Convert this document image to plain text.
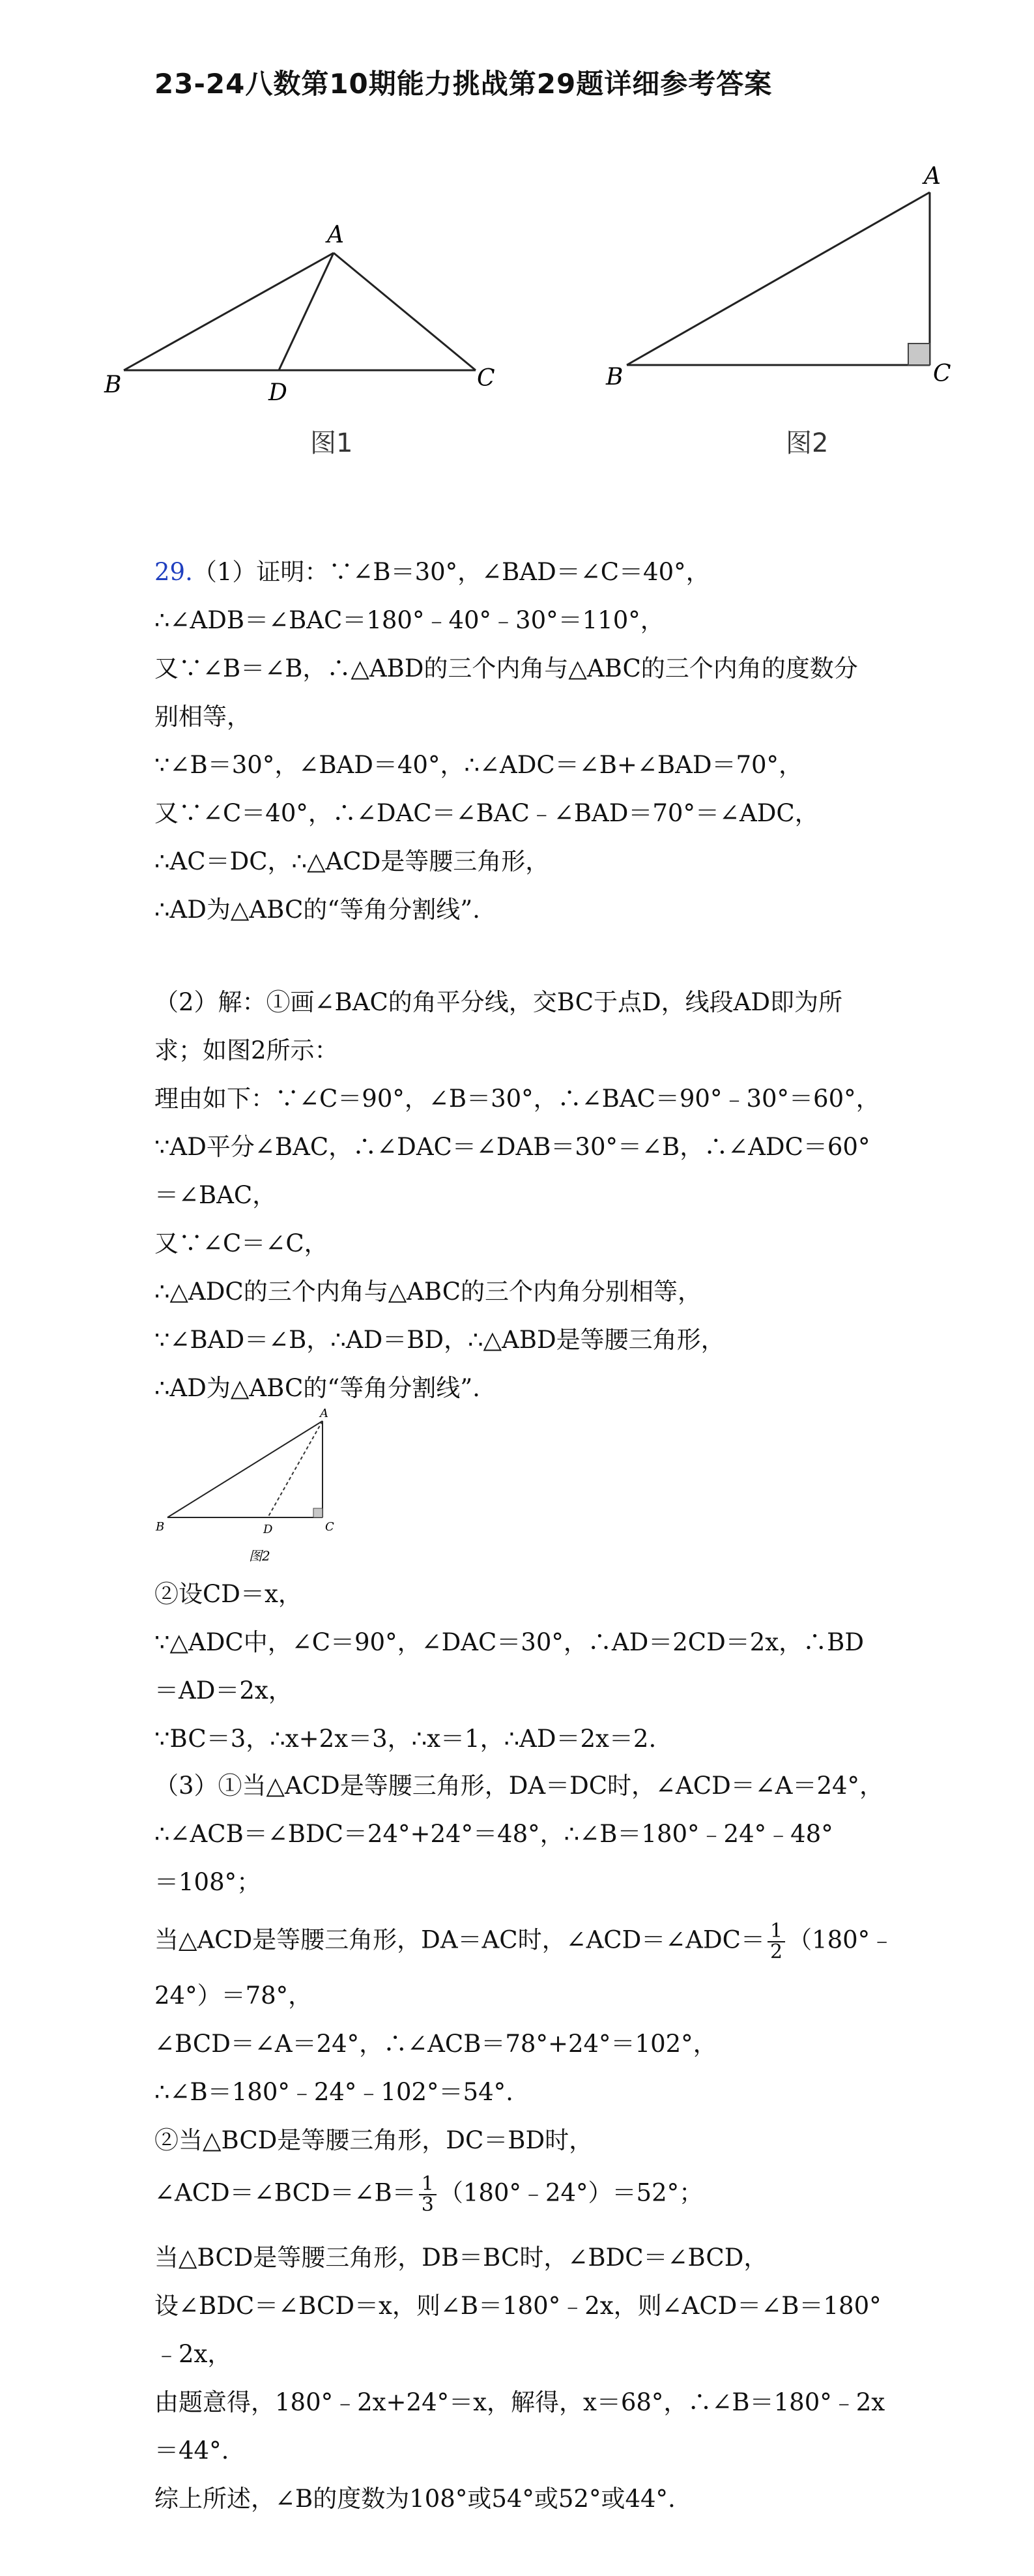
23-24八数第10期能力挑战第29题详细参考答案
A
B	D
C
图1
A
B	C
图2
29.（1）证明：∵∠B＝30°，∠BAD＝∠C＝40°，
∴∠ADB＝∠BAC＝180°﹣40°﹣30°＝110°，
又∵∠B＝∠B，∴△ABD的三个内角与△ABC的三个内角的度数分
别相等，
∵∠B＝30°，∠BAD＝40°，∴∠ADC＝∠B+∠BAD＝70°，
又∵∠C＝40°，∴∠DAC＝∠BAC﹣∠BAD＝70°＝∠ADC，
∴AC＝DC，∴△ACD是等腰三角形，
∴AD为△ABC的“等角分割线”.
（2）解：①画∠BAC的角平分线，交BC于点D，线段AD即为所
求；如图2所示：
理由如下：∵∠C＝90°，∠B＝30°，∴∠BAC＝90°﹣30°＝60°，
∵AD平分∠BAC，∴∠DAC＝∠DAB＝30°＝∠B，∴∠ADC＝60°
＝∠BAC，
又∵∠C＝∠C，
∴△ADC的三个内角与△ABC的三个内角分别相等，
∵∠BAD＝∠B，∴AD＝BD，∴△ABD是等腰三角形，
∴AD为△ABC的“等角分割线”.
②设CD＝x，
∵△ADC中，∠C＝90°，∠DAC＝30°，∴AD＝2CD＝2x，∴BD
＝AD＝2x，
∵BC＝3，∴x+2x＝3，∴x＝1，∴AD＝2x＝2.
（3）①当△ACD是等腰三角形，DA＝DC时，∠ACD＝∠A＝24°，
∴∠ACB＝∠BDC＝24°+24°＝48°，∴∠B＝180°﹣24°﹣48°
＝108°；
当△ACD是等腰三角形，DA＝AC时，∠ACD＝∠ADC＝ $\frac{1}{2}$ （180°﹣
24°）＝78°，
∠BCD＝∠A＝24°，∴∠ACB＝78°+24°＝102°，
∴∠B＝180°﹣24°﹣102°＝54°.
②当△BCD是等腰三角形，DC＝BD时，
∠ACD＝∠BCD＝∠B＝ $\frac{1}{3}$ （180°﹣24°）＝52°；
当△BCD是等腰三角形，DB＝BC时，∠BDC＝∠BCD，
设∠BDC＝∠BCD＝x，则∠B＝180°﹣2x，则∠ACD＝∠B＝180°
﹣2x，
由题意得，180°﹣2x+24°＝x，解得，x＝68°，∴∠B＝180°﹣2x
＝44°.
综上所述，∠B的度数为108°或54°或52°或44°.
A
B	D	C
图2
